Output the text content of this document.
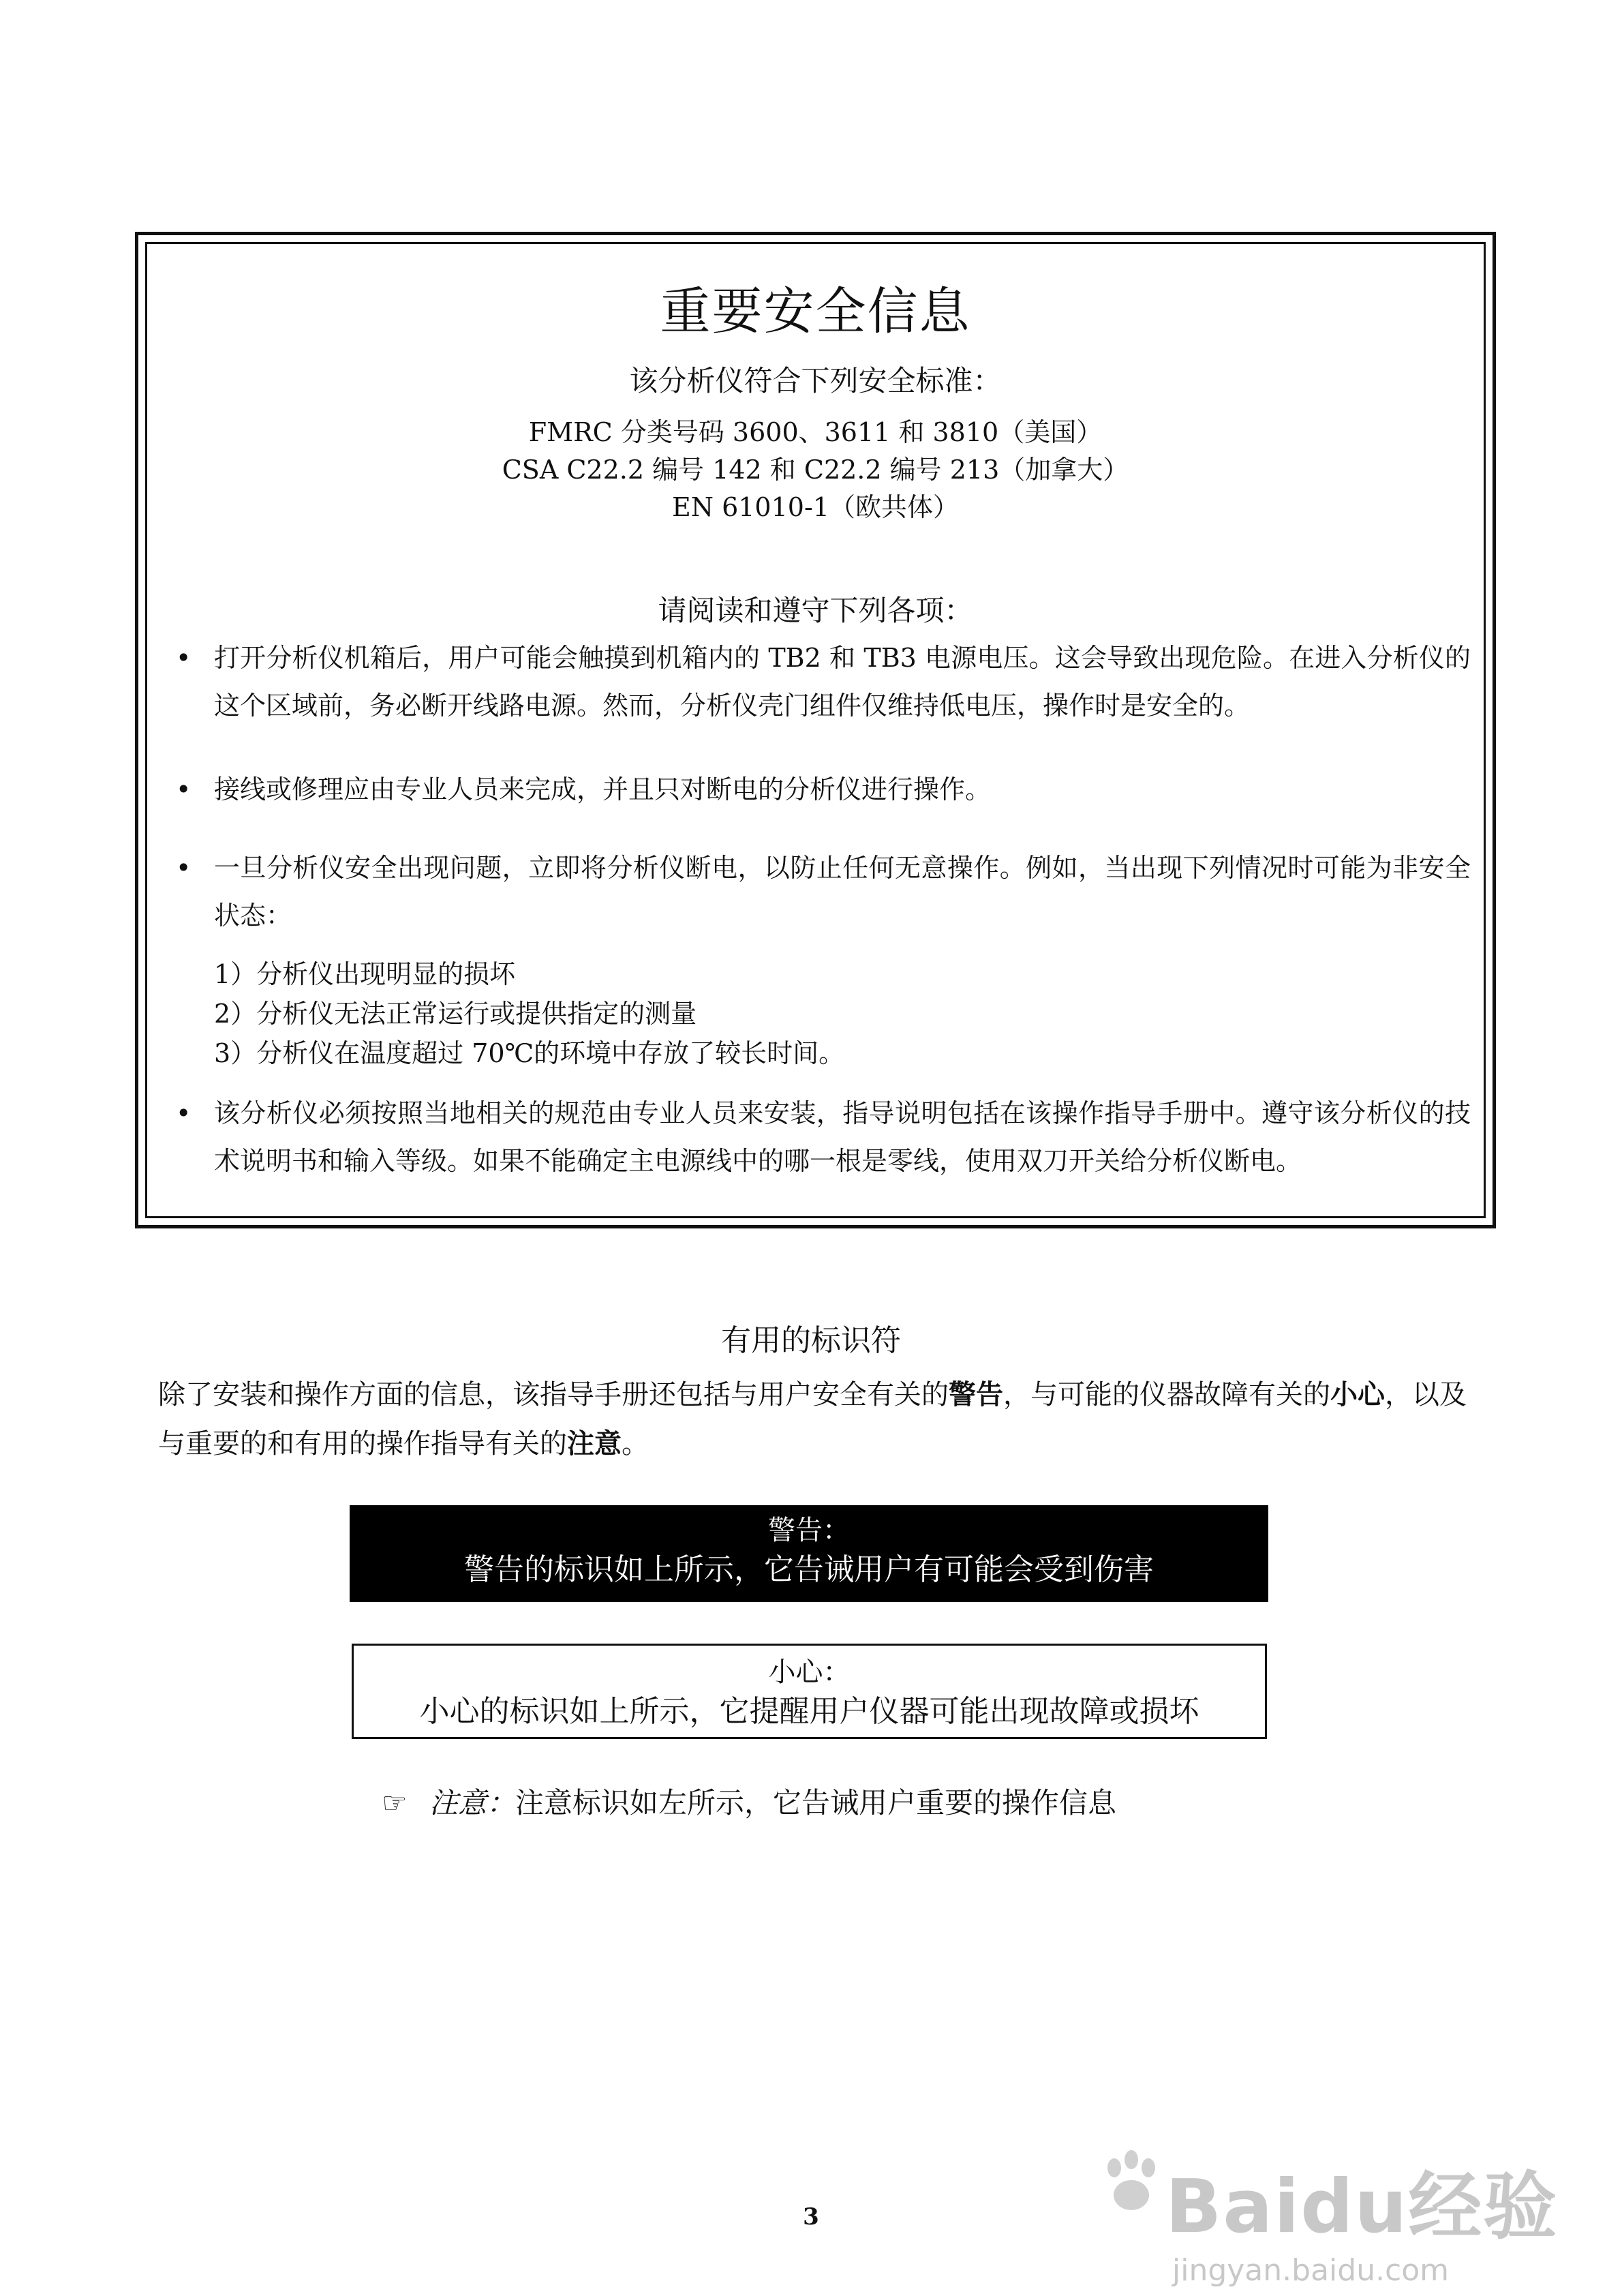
重要安全信息
该分析仪符合下列安全标准：
FMRC 分类号码 3600、3611 和 3810（美国）
CSA C22.2 编号 142 和 C22.2 编号 213（加拿大）
EN 61010-1（欧共体）
请阅读和遵守下列各项：
• 打开分析仪机箱后，用户可能会触摸到机箱内的 TB2 和 TB3 电源电压。这会导致出现危险。在进入分析仪的这个区域前，务必断开线路电源。然而，分析仪壳门组件仅维持低电压，操作时是安全的。
• 接线或修理应由专业人员来完成，并且只对断电的分析仪进行操作。
• 一旦分析仪安全出现问题，立即将分析仪断电，以防止任何无意操作。例如，当出现下列情况时可能为非安全状态：
1）分析仪出现明显的损坏
2）分析仪无法正常运行或提供指定的测量
3）分析仪在温度超过 70℃的环境中存放了较长时间。
• 该分析仪必须按照当地相关的规范由专业人员来安装，指导说明包括在该操作指导手册中。遵守该分析仪的技术说明书和输入等级。如果不能确定主电源线中的哪一根是零线，使用双刀开关给分析仪断电。
有用的标识符
除了安装和操作方面的信息，该指导手册还包括与用户安全有关的警告，与可能的仪器故障有关的小心，以及与重要的和有用的操作指导有关的注意。
警告：
警告的标识如上所示，它告诫用户有可能会受到伤害
小心：
小心的标识如上所示，它提醒用户仪器可能出现故障或损坏
☞ 注意：注意标识如左所示，它告诫用户重要的操作信息
3	Baidu经验
jingyan.baidu.com
